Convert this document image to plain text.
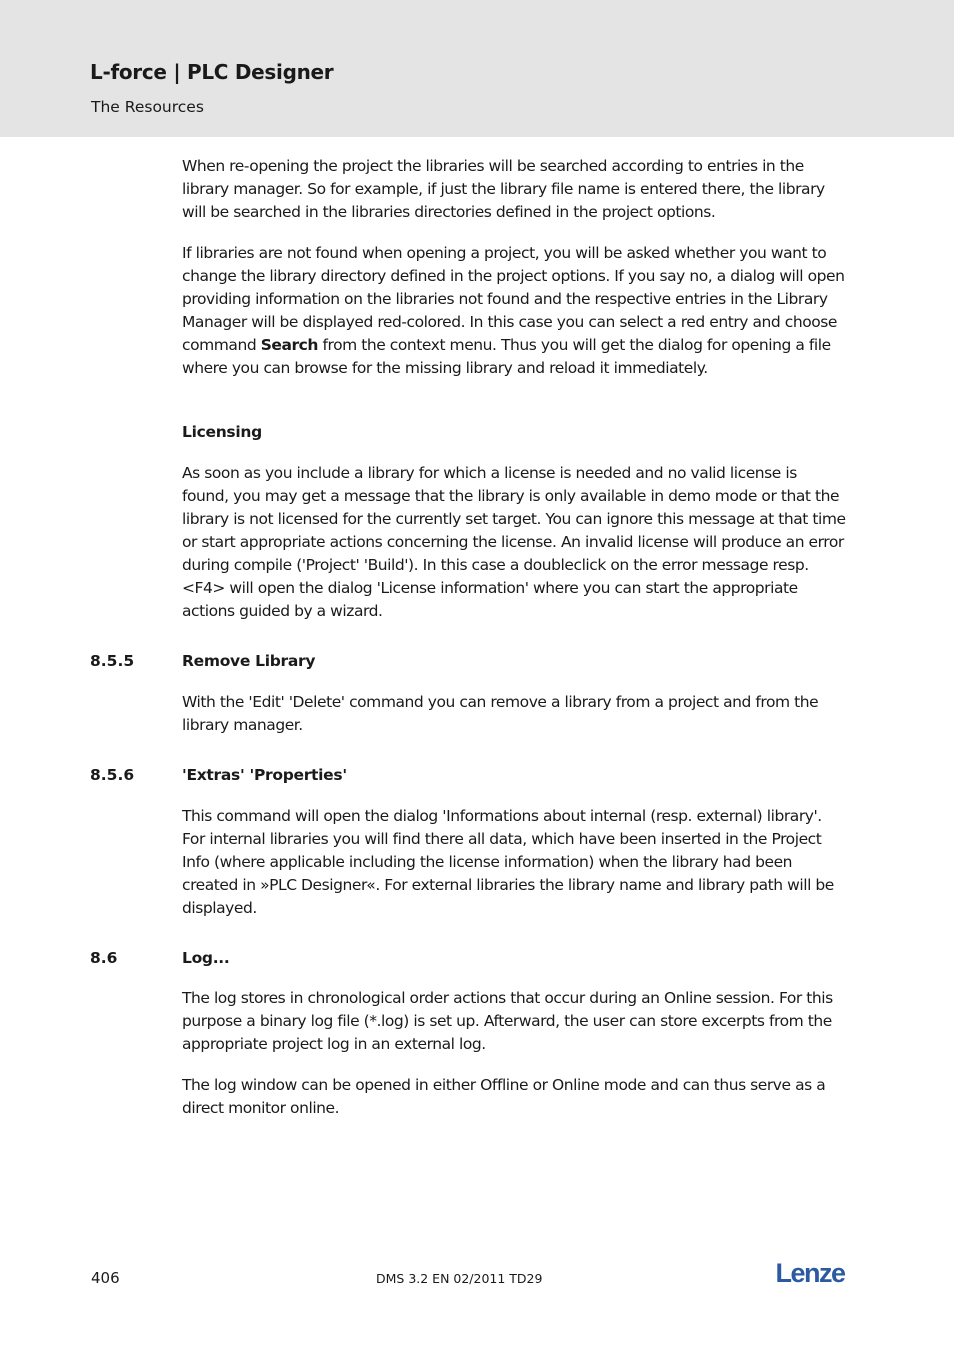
L-force | PLC Designer
The Resources

When re-opening the project the libraries will be searched according to entries in the library manager. So for example, if just the library file name is entered there, the library will be searched in the libraries directories defined in the project options.

If libraries are not found when opening a project, you will be asked whether you want to change the library directory defined in the project options. If you say no, a dialog will open providing information on the libraries not found and the respective entries in the Library Manager will be displayed red-colored. In this case you can select a red entry and choose command Search from the context menu. Thus you will get the dialog for opening a file where you can browse for the missing library and reload it immediately.

Licensing

As soon as you include a library for which a license is needed and no valid license is found, you may get a message that the library is only available in demo mode or that the library is not licensed for the currently set target. You can ignore this message at that time or start appropriate actions concerning the license. An invalid license will produce an error during compile ('Project' 'Build'). In this case a doubleclick on the error message resp. <F4> will open the dialog 'License information' where you can start the appropriate actions guided by a wizard.

8.5.5	Remove Library

With the 'Edit' 'Delete' command you can remove a library from a project and from the library manager.

8.5.6	'Extras' 'Properties'

This command will open the dialog 'Informations about internal (resp. external) library'. For internal libraries you will find there all data, which have been inserted in the Project Info (where applicable including the license information) when the library had been created in »PLC Designer«. For external libraries the library name and library path will be displayed.

8.6	Log...

The log stores in chronological order actions that occur during an Online session. For this purpose a binary log file (*.log) is set up. Afterward, the user can store excerpts from the appropriate project log in an external log.

The log window can be opened in either Offline or Online mode and can thus serve as a direct monitor online.

406	DMS 3.2 EN 02/2011 TD29	Lenze
